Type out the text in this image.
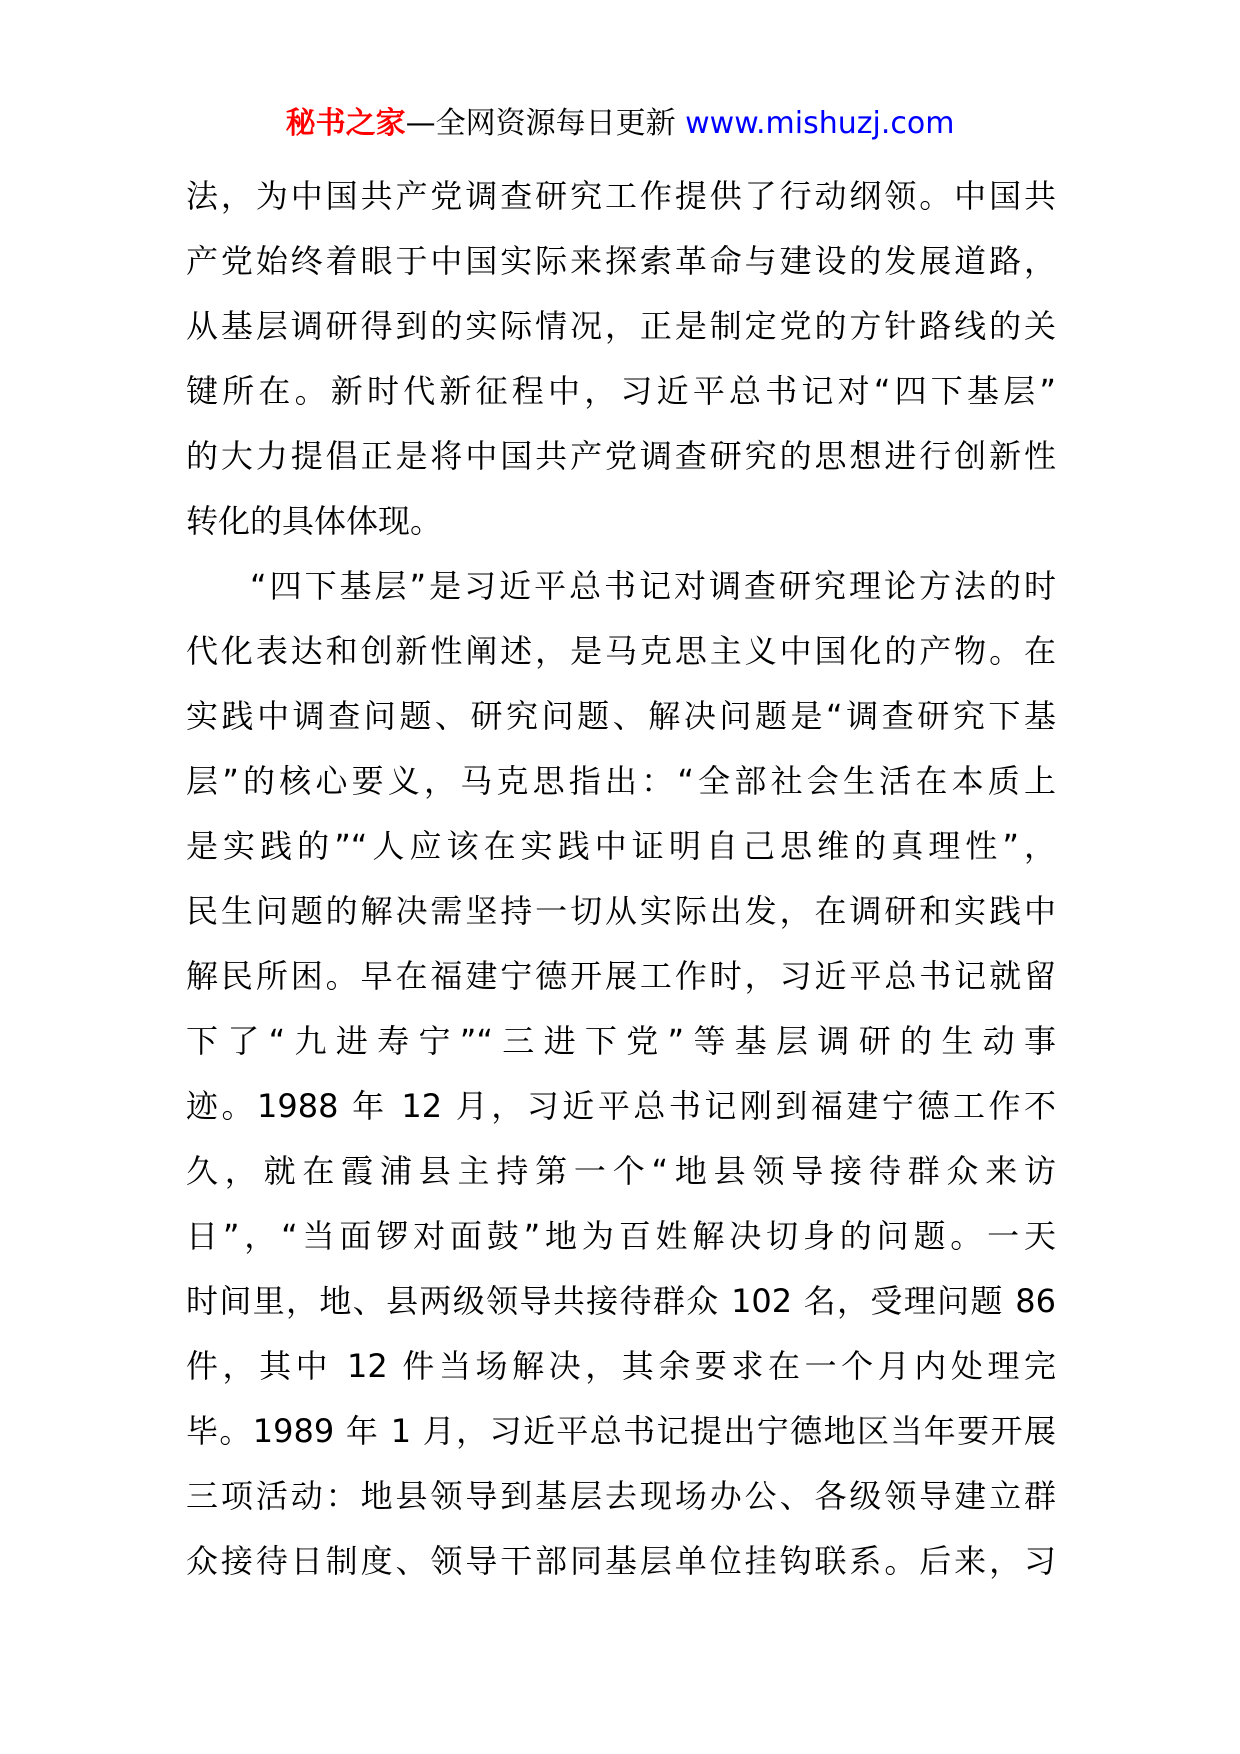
秘书之家—全网资源每日更新 www.mishuzj.com
法，为中国共产党调查研究工作提供了行动纲领。中国共
产党始终着眼于中国实际来探索革命与建设的发展道路，
从基层调研得到的实际情况，正是制定党的方针路线的关
键所在。新时代新征程中，习近平总书记对“四下基层”
的大力提倡正是将中国共产党调查研究的思想进行创新性
转化的具体体现。
“四下基层”是习近平总书记对调查研究理论方法的时
代化表达和创新性阐述，是马克思主义中国化的产物。在
实践中调查问题、研究问题、解决问题是“调查研究下基
层”的核心要义，马克思指出：“全部社会生活在本质上
是实践的”“人应该在实践中证明自己思维的真理性”，
民生问题的解决需坚持一切从实际出发，在调研和实践中
解民所困。早在福建宁德开展工作时，习近平总书记就留
下了“九进寿宁”“三进下党”等基层调研的生动事
迹。1988 年 12 月，习近平总书记刚到福建宁德工作不
久，就在霞浦县主持第一个“地县领导接待群众来访
日”，“当面锣对面鼓”地为百姓解决切身的问题。一天
时间里，地、县两级领导共接待群众 102 名，受理问题 86
件，其中 12 件当场解决，其余要求在一个月内处理完
毕。1989 年 1 月，习近平总书记提出宁德地区当年要开展
三项活动：地县领导到基层去现场办公、各级领导建立群
众接待日制度、领导干部同基层单位挂钩联系。后来，习
